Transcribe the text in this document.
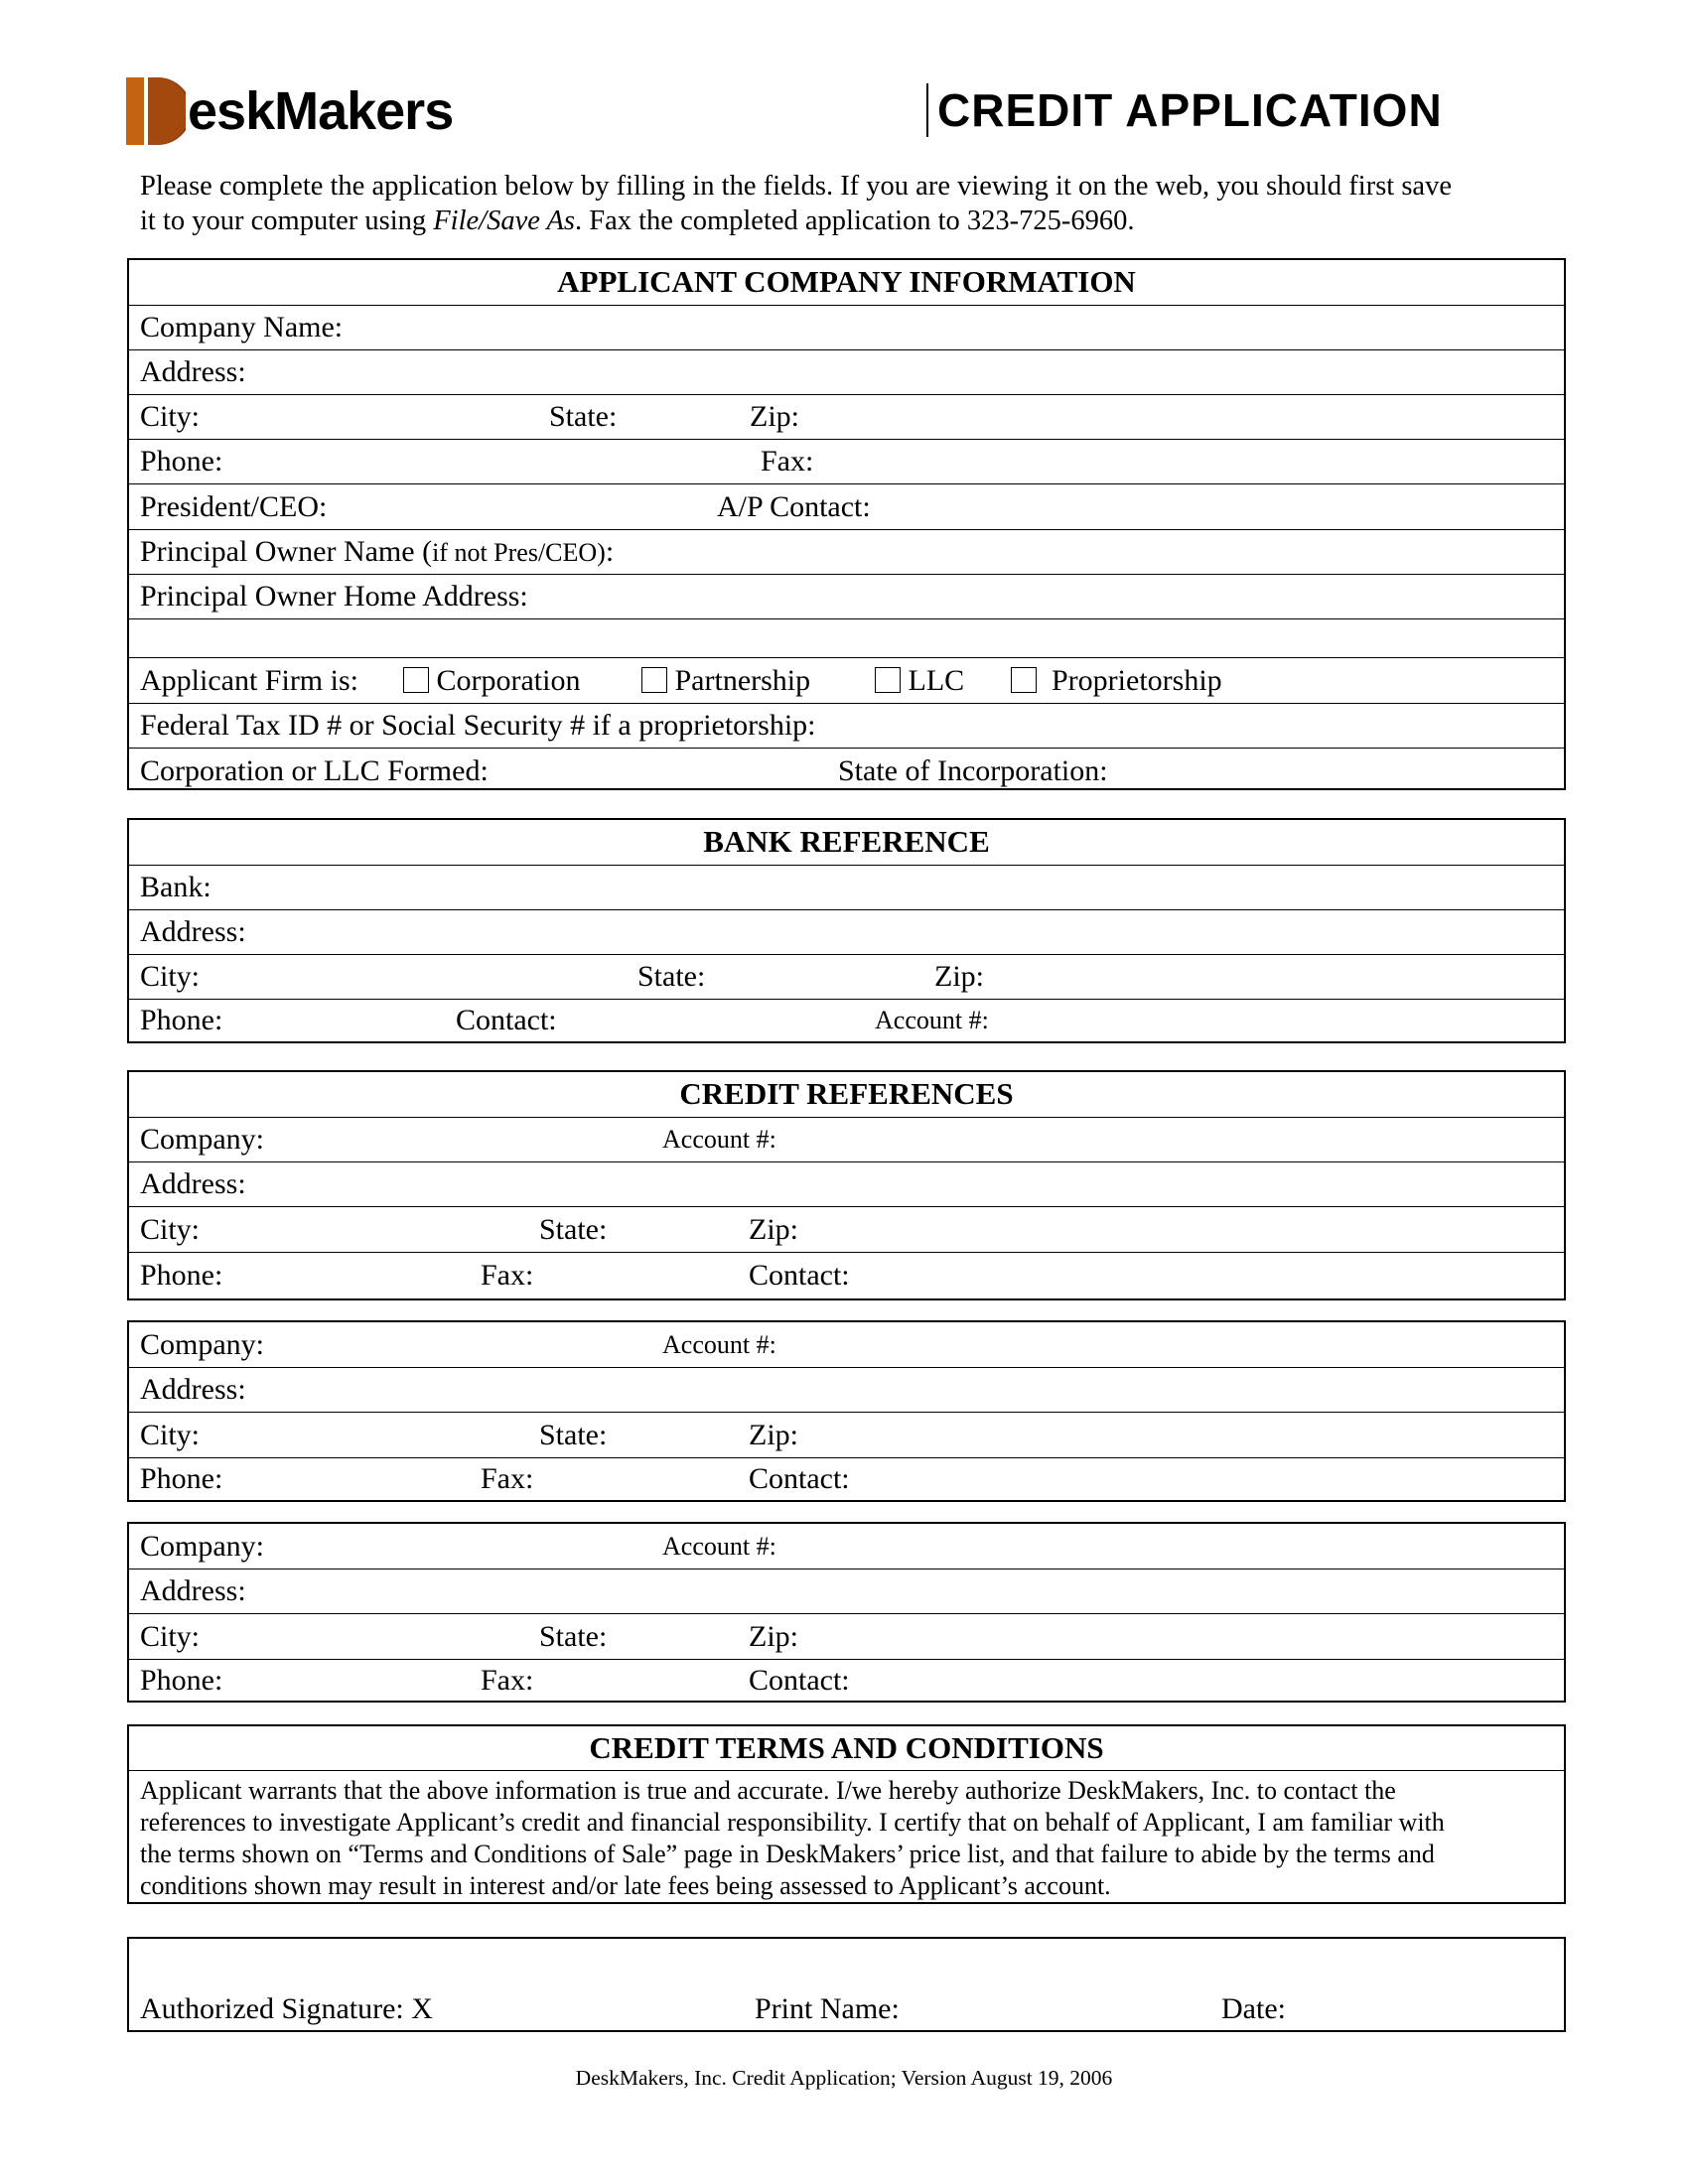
eskMakers	CREDIT APPLICATION

Please complete the application below by filling in the fields. If you are viewing it on the web, you should first save

it to your computer using File/Save As. Fax the completed application to 323-725-6960.

APPLICANT COMPANY INFORMATION
Company Name:
Address:
City:	State:	Zip:
Phone:	Fax:
President/CEO:	A/P Contact:
Principal Owner Name (if not Pres/CEO):
Principal Owner Home Address:
Applicant Firm is:	Corporation	Partnership	LLC	Proprietorship
Federal Tax ID # or Social Security # if a proprietorship:
Corporation or LLC Formed:	State of Incorporation:
BANK REFERENCE
Bank:
Address:
City:	State:	Zip:
Phone:	Contact:	Account #:
CREDIT REFERENCES
Company:	Account #:
Address:
City:	State:	Zip:
Phone:	Fax:	Contact:
Company:	Account #:
Address:
City:	State:	Zip:
Phone:	Fax:	Contact:
Company:	Account #:
Address:
City:	State:	Zip:
Phone:	Fax:	Contact:
CREDIT TERMS AND CONDITIONS

Applicant warrants that the above information is true and accurate. I/we hereby authorize DeskMakers, Inc. to contact the

references to investigate Applicant’s credit and financial responsibility. I certify that on behalf of Applicant, I am familiar with

the terms shown on “Terms and Conditions of Sale” page in DeskMakers’ price list, and that failure to abide by the terms and

conditions shown may result in interest and/or late fees being assessed to Applicant’s account.

Authorized Signature: X	Print Name:	Date:
DeskMakers, Inc. Credit Application; Version August 19, 2006
